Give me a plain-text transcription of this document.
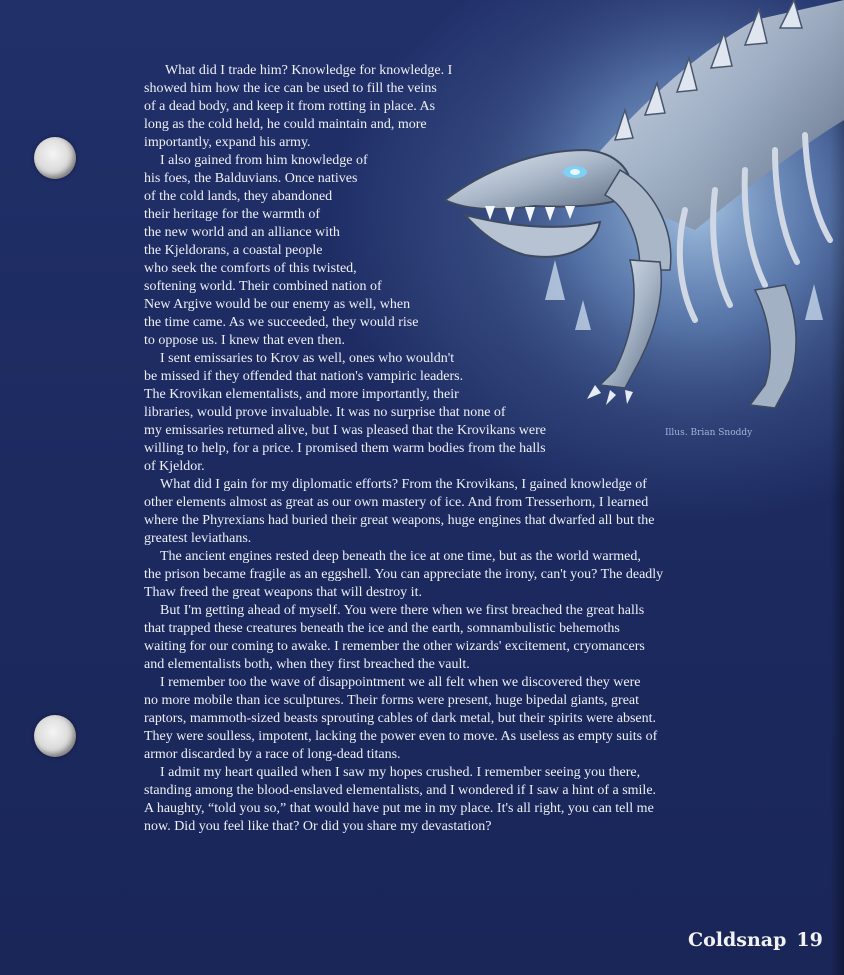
Illus. Brian Snoddy
What did I trade him? Knowledge for knowledge. I
showed him how the ice can be used to fill the veins
of a dead body, and keep it from rotting in place. As
long as the cold held, he could maintain and, more
importantly, expand his army.
I also gained from him knowledge of
his foes, the Balduvians. Once natives
of the cold lands, they abandoned
their heritage for the warmth of
the new world and an alliance with
the Kjeldorans, a coastal people
who seek the comforts of this twisted,
softening world. Their combined nation of
New Argive would be our enemy as well, when
the time came. As we succeeded, they would rise
to oppose us. I knew that even then.
I sent emissaries to Krov as well, ones who wouldn't
be missed if they offended that nation's vampiric leaders.
The Krovikan elementalists, and more importantly, their
libraries, would prove invaluable. It was no surprise that none of
my emissaries returned alive, but I was pleased that the Krovikans were
willing to help, for a price. I promised them warm bodies from the halls
of Kjeldor.
What did I gain for my diplomatic efforts? From the Krovikans, I gained knowledge of
other elements almost as great as our own mastery of ice. And from Tresserhorn, I learned
where the Phyrexians had buried their great weapons, huge engines that dwarfed all but the
greatest leviathans.
The ancient engines rested deep beneath the ice at one time, but as the world warmed,
the prison became fragile as an eggshell. You can appreciate the irony, can't you? The deadly
Thaw freed the great weapons that will destroy it.
But I'm getting ahead of myself. You were there when we first breached the great halls
that trapped these creatures beneath the ice and the earth, somnambulistic behemoths
waiting for our coming to awake. I remember the other wizards' excitement, cryomancers
and elementalists both, when they first breached the vault.
I remember too the wave of disappointment we all felt when we discovered they were
no more mobile than ice sculptures. Their forms were present, huge bipedal giants, great
raptors, mammoth-sized beasts sprouting cables of dark metal, but their spirits were absent.
They were soulless, impotent, lacking the power even to move. As useless as empty suits of
armor discarded by a race of long-dead titans.
I admit my heart quailed when I saw my hopes crushed. I remember seeing you there,
standing among the blood-enslaved elementalists, and I wondered if I saw a hint of a smile.
A haughty, “told you so,” that would have put me in my place. It's all right, you can tell me
now. Did you feel like that? Or did you share my devastation?
Coldsnap 19
